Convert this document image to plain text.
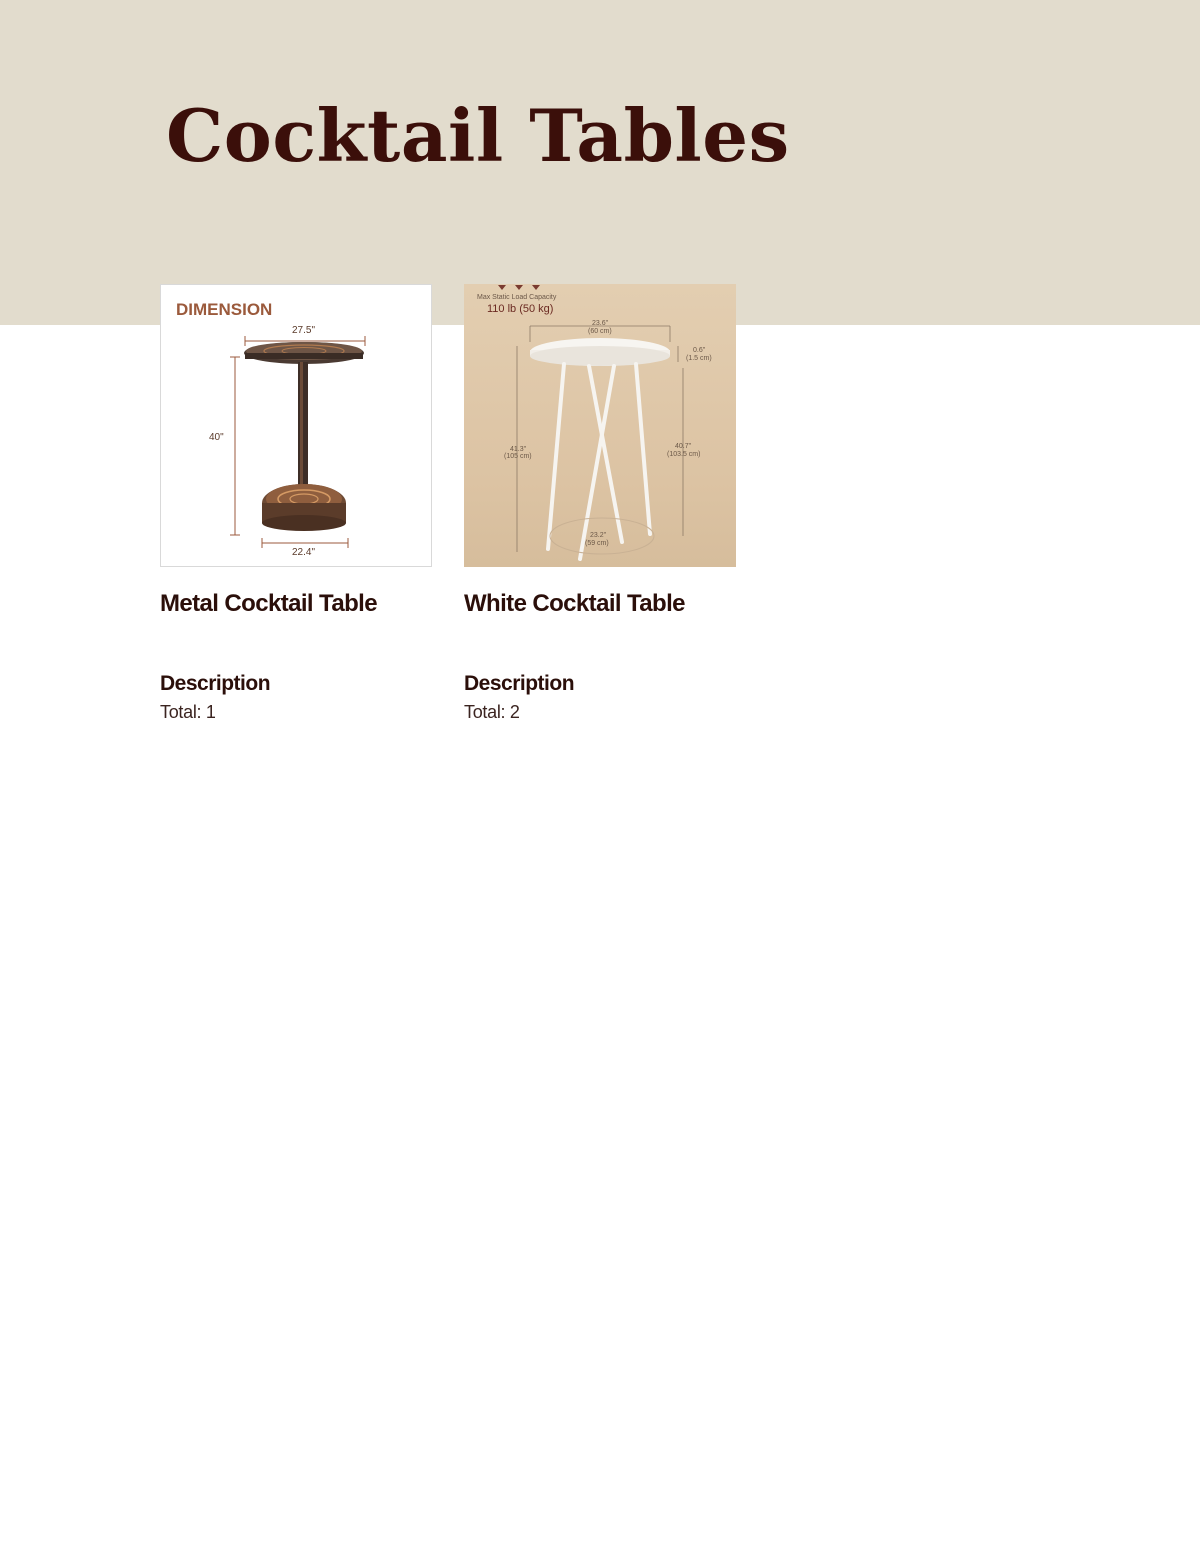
Cocktail Tables
DIMENSION
27.5"
40"
22.4"
Metal Cocktail Table
Description

Total: 1

Max Static Load Capacity
110 lb (50 kg)
23.6"
(60 cm)
0.6"
(1.5 cm)
41.3"
(105 cm)
40.7"
(103.5 cm)
23.2"
(59 cm)
White Cocktail Table
Description

Total: 2
